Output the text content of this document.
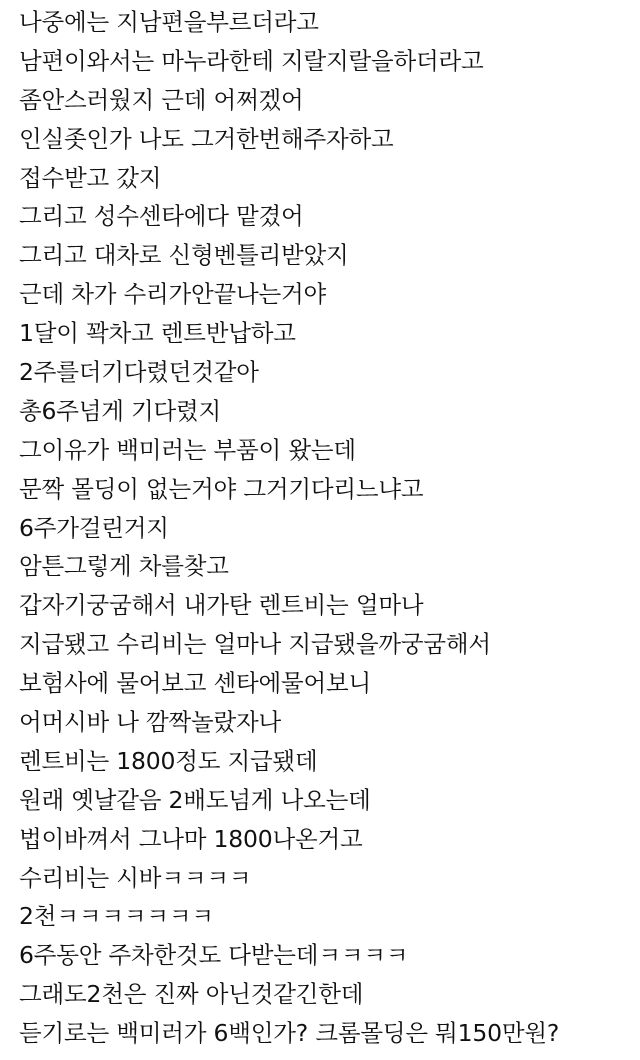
나중에는 지남편을부르더라고
남편이와서는 마누라한테 지랄지랄을하더라고
좀안스러웠지 근데 어쩌겠어
인실좃인가 나도 그거한번해주자하고
접수받고 갔지
그리고 성수센타에다 맡겼어
그리고 대차로 신형벤틀리받았지
근데 차가 수리가안끝나는거야
1달이 꽉차고 렌트반납하고
2주를더기다렸던것같아
총6주넘게 기다렸지
그이유가 백미러는 부품이 왔는데
문짝 몰딩이 없는거야 그거기다리느냐고
6주가걸린거지
암튼그렇게 차를찾고
갑자기궁굼해서 내가탄 렌트비는 얼마나
지급됐고 수리비는 얼마나 지급됐을까궁굼해서
보험사에 물어보고 센타에물어보니
어머시바 나 깜짝놀랐자나
렌트비는 1800정도 지급됐데
원래 옛날같음 2배도넘게 나오는데
법이바껴서 그나마 1800나온거고
수리비는 시바ㅋㅋㅋㅋ
2천ㅋㅋㅋㅋㅋㅋㅋ
6주동안 주차한것도 다받는데ㅋㅋㅋㅋ
그래도2천은 진짜 아닌것같긴한데
듣기로는 백미러가 6백인가? 크롬몰딩은 뭐150만원?
